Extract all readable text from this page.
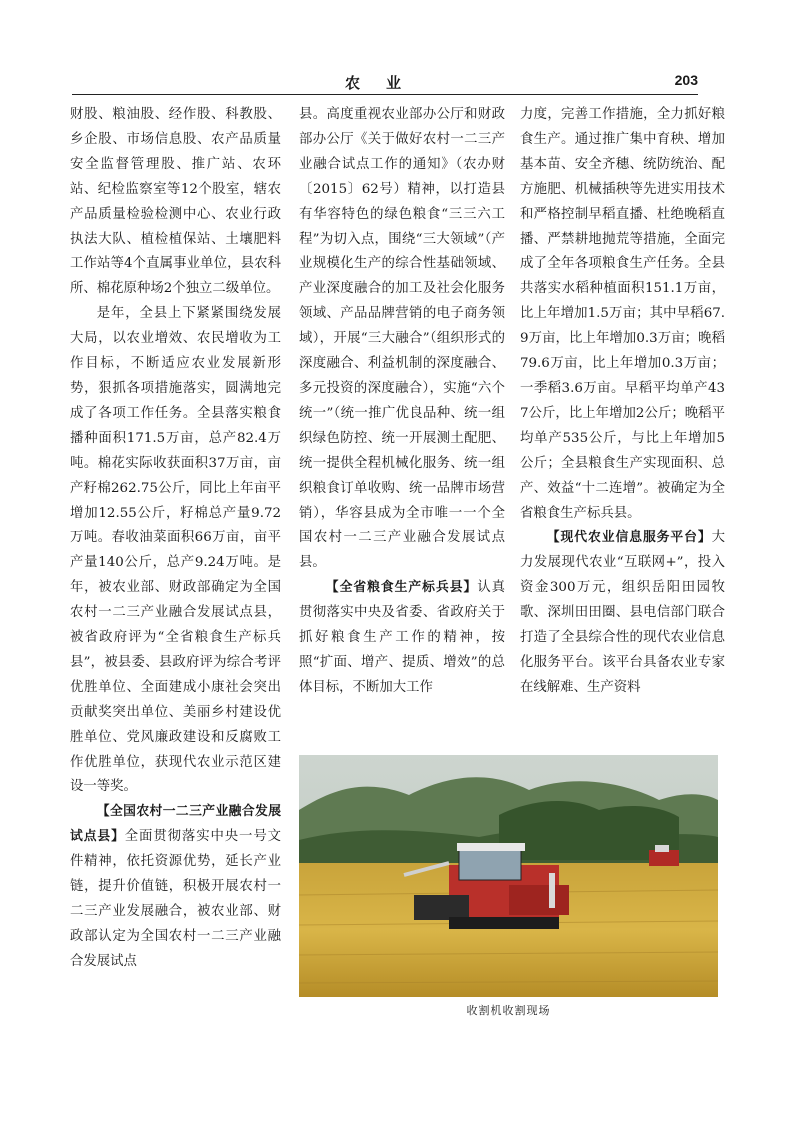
农业	203

财股、粮油股、经作股、科教股、乡企股、市场信息股、农产品质量安全监督管理股、推广站、农环站、纪检监察室等12个股室，辖农产品质量检验检测中心、农业行政执法大队、植检植保站、土壤肥料工作站等4个直属事业单位，县农科所、棉花原种场2个独立二级单位。

是年，全县上下紧紧围绕发展大局，以农业增效、农民增收为工作目标，不断适应农业发展新形势，狠抓各项措施落实，圆满地完成了各项工作任务。全县落实粮食播种面积171.5万亩，总产82.4万吨。棉花实际收获面积37万亩，亩产籽棉262.75公斤，同比上年亩平增加12.55公斤，籽棉总产量9.72万吨。春收油菜面积66万亩，亩平产量140公斤，总产9.24万吨。是年，被农业部、财政部确定为全国农村一二三产业融合发展试点县，被省政府评为“全省粮食生产标兵县”，被县委、县政府评为综合考评优胜单位、全面建成小康社会突出贡献奖突出单位、美丽乡村建设优胜单位、党风廉政建设和反腐败工作优胜单位，获现代农业示范区建设一等奖。

【全国农村一二三产业融合发展试点县】全面贯彻落实中央一号文件精神，依托资源优势，延长产业链，提升价值链，积极开展农村一二三产业发展融合，被农业部、财政部认定为全国农村一二三产业融合发展试点

县。高度重视农业部办公厅和财政部办公厅《关于做好农村一二三产业融合试点工作的通知》（农办财〔2015〕62号）精神，以打造县有华容特色的绿色粮食“三三六工程”为切入点，围绕“三大领域”（产业规模化生产的综合性基础领域、产业深度融合的加工及社会化服务领域、产品品牌营销的电子商务领域），开展“三大融合”（组织形式的深度融合、利益机制的深度融合、多元投资的深度融合），实施“六个统一”（统一推广优良品种、统一组织绿色防控、统一开展测土配肥、统一提供全程机械化服务、统一组织粮食订单收购、统一品牌市场营销），华容县成为全市唯一一个全国农村一二三产业融合发展试点县。

【全省粮食生产标兵县】认真贯彻落实中央及省委、省政府关于抓好粮食生产工作的精神，按照“扩面、增产、提质、增效”的总体目标，不断加大工作

力度，完善工作措施，全力抓好粮食生产。通过推广集中育秧、增加基本苗、安全齐穗、统防统治、配方施肥、机械插秧等先进实用技术和严格控制早稻直播、杜绝晚稻直播、严禁耕地抛荒等措施，全面完成了全年各项粮食生产任务。全县共落实水稻种植面积151.1万亩，比上年增加1.5万亩；其中早稻67.9万亩，比上年增加0.3万亩；晚稻79.6万亩，比上年增加0.3万亩；一季稻3.6万亩。早稻平均单产437公斤，比上年增加2公斤；晚稻平均单产535公斤，与比上年增加5公斤；全县粮食生产实现面积、总产、效益“十二连增”。被确定为全省粮食生产标兵县。

【现代农业信息服务平台】大力发展现代农业“互联网+”，投入资金300万元，组织岳阳田园牧歌、深圳田田圈、县电信部门联合打造了全县综合性的现代农业信息化服务平台。该平台具备农业专家在线解难、生产资料

收割机收割现场
